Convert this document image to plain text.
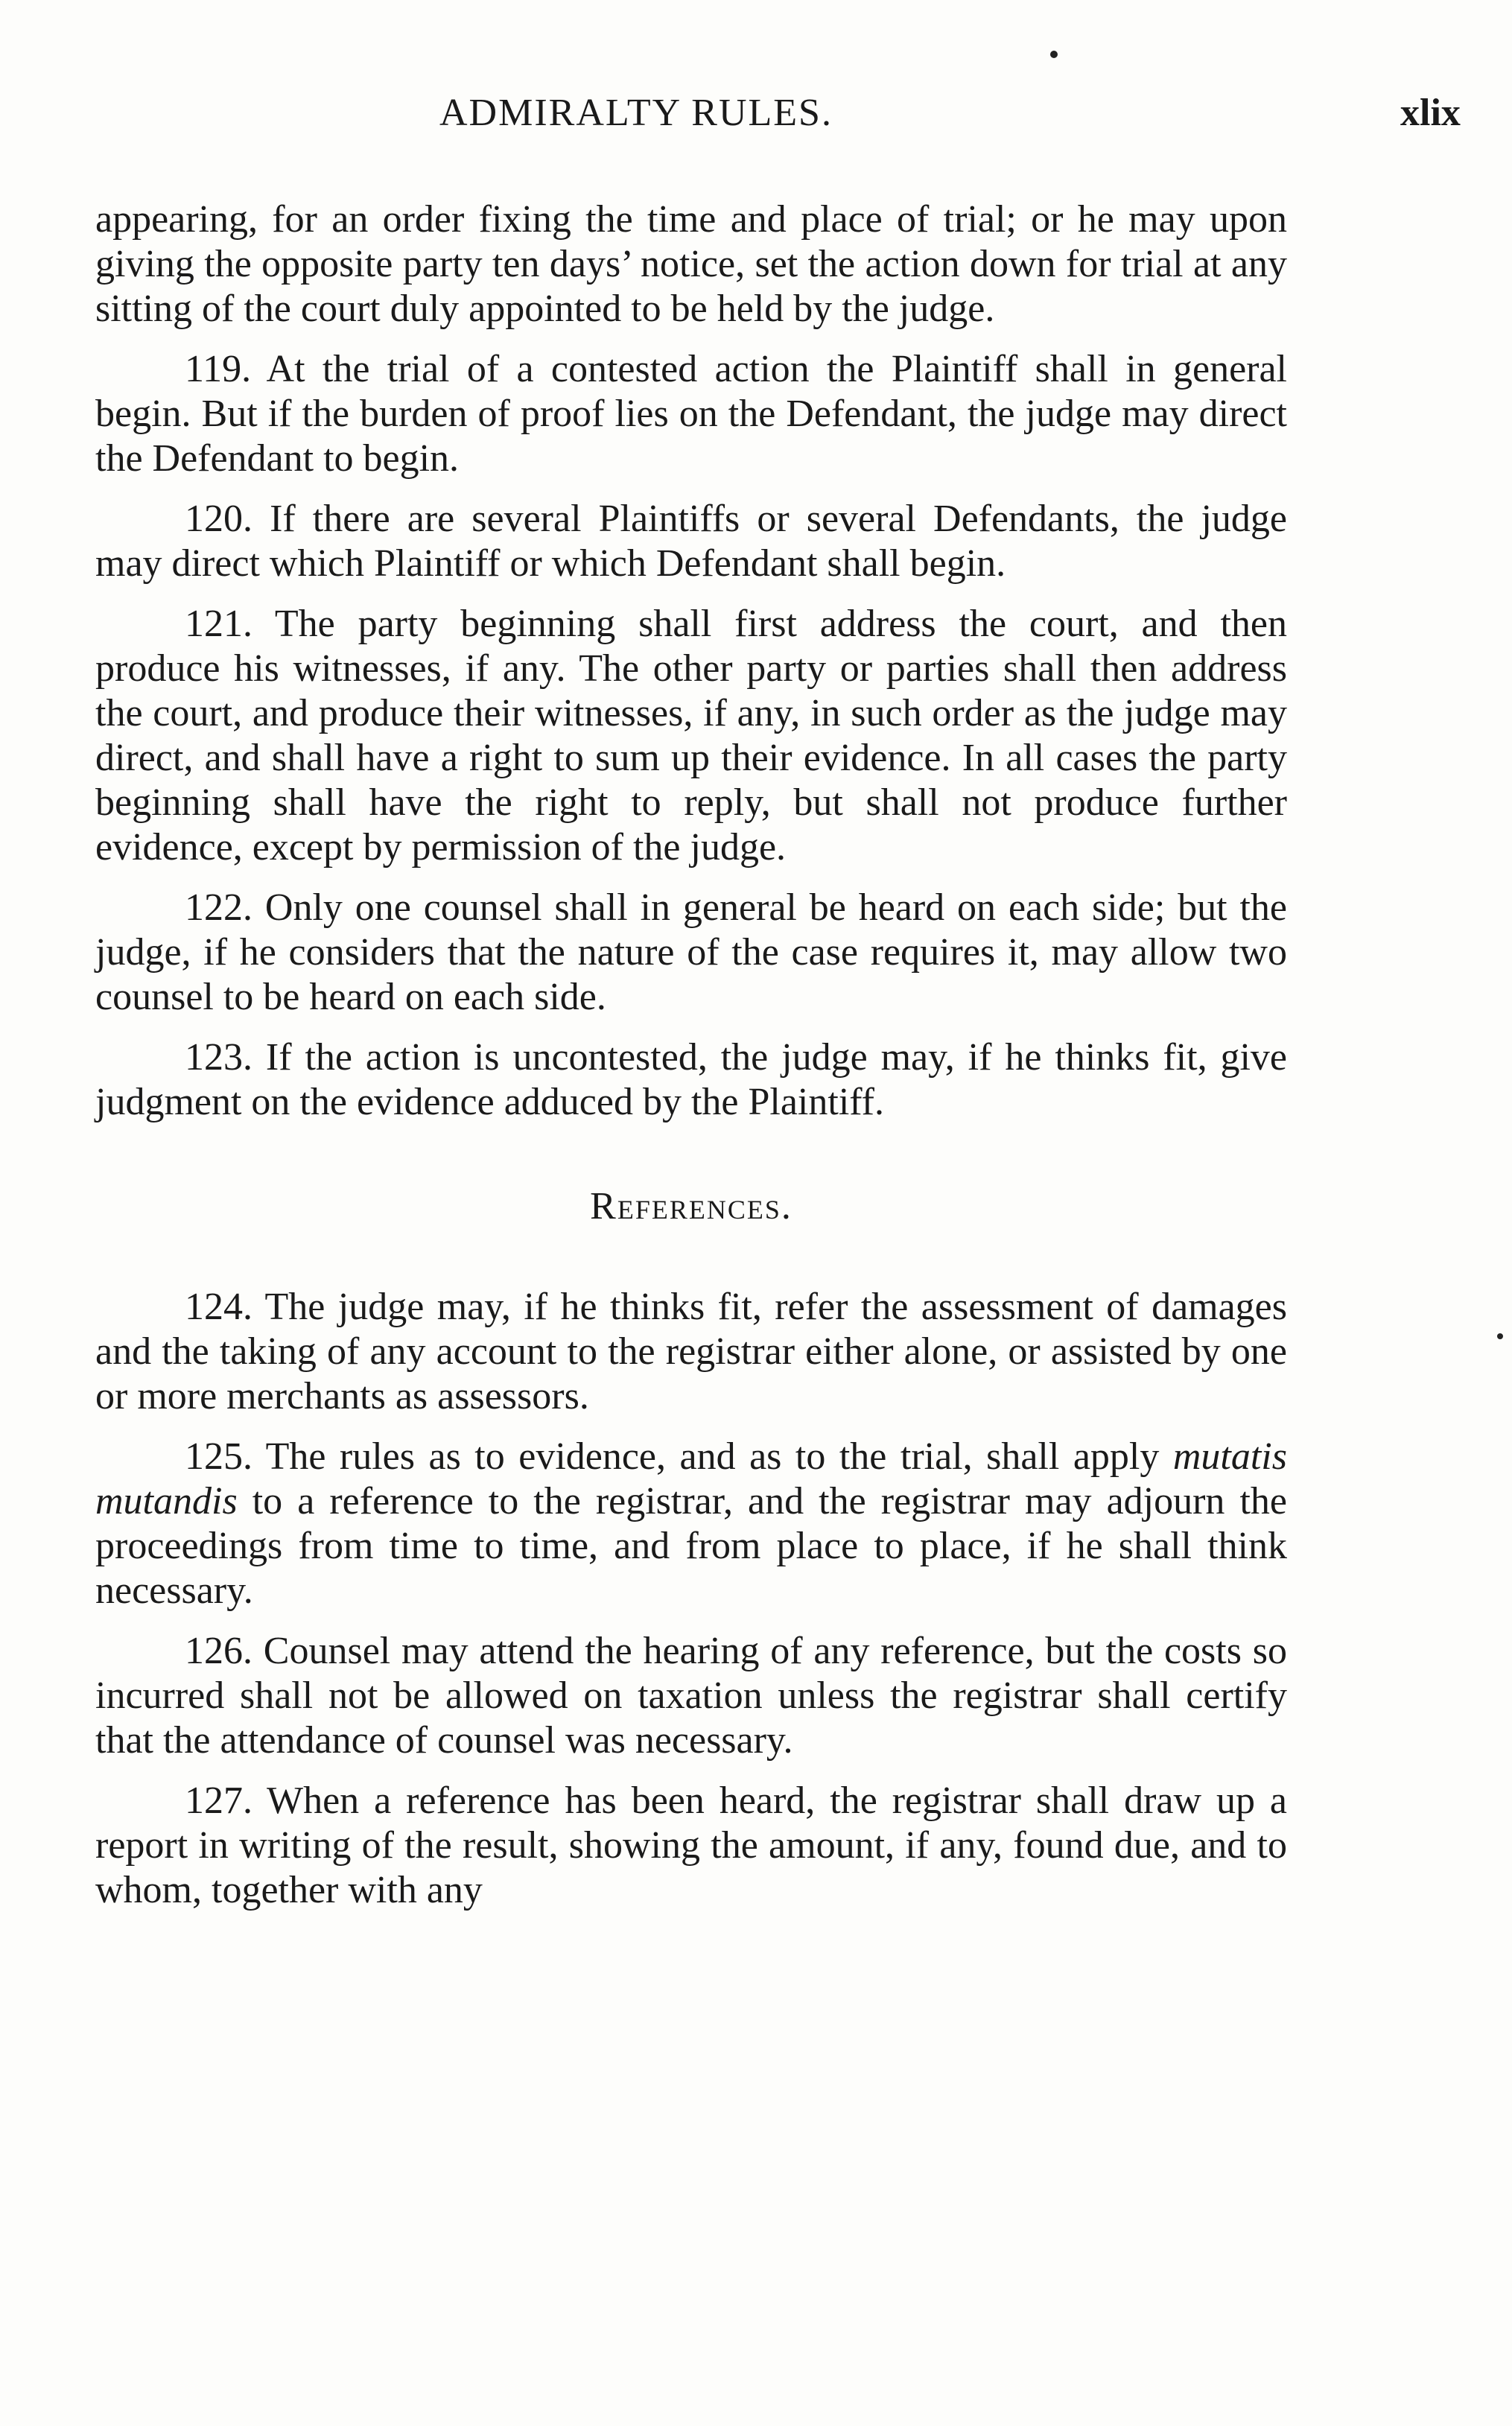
ADMIRALTY RULES.	xlix

appearing, for an order fixing the time and place of trial; or he may upon giving the opposite party ten days’ notice, set the action down for trial at any sitting of the court duly appointed to be held by the judge.

119. At the trial of a contested action the Plaintiff shall in general begin. But if the burden of proof lies on the Defendant, the judge may direct the Defendant to begin.

120. If there are several Plaintiffs or several Defendants, the judge may direct which Plaintiff or which Defendant shall begin.

121. The party beginning shall first address the court, and then produce his witnesses, if any. The other party or parties shall then address the court, and produce their witnesses, if any, in such order as the judge may direct, and shall have a right to sum up their evidence. In all cases the party beginning shall have the right to reply, but shall not produce further evidence, except by permission of the judge.

122. Only one counsel shall in general be heard on each side; but the judge, if he considers that the nature of the case requires it, may allow two counsel to be heard on each side.

123. If the action is uncontested, the judge may, if he thinks fit, give judgment on the evidence adduced by the Plaintiff.

References.

124. The judge may, if he thinks fit, refer the assessment of damages and the taking of any account to the registrar either alone, or assisted by one or more merchants as assessors.

125. The rules as to evidence, and as to the trial, shall apply mutatis mutandis to a reference to the registrar, and the registrar may adjourn the proceedings from time to time, and from place to place, if he shall think necessary.

126. Counsel may attend the hearing of any reference, but the costs so incurred shall not be allowed on taxation unless the registrar shall certify that the attendance of counsel was necessary.

127. When a reference has been heard, the registrar shall draw up a report in writing of the result, showing the amount, if any, found due, and to whom, together with any
